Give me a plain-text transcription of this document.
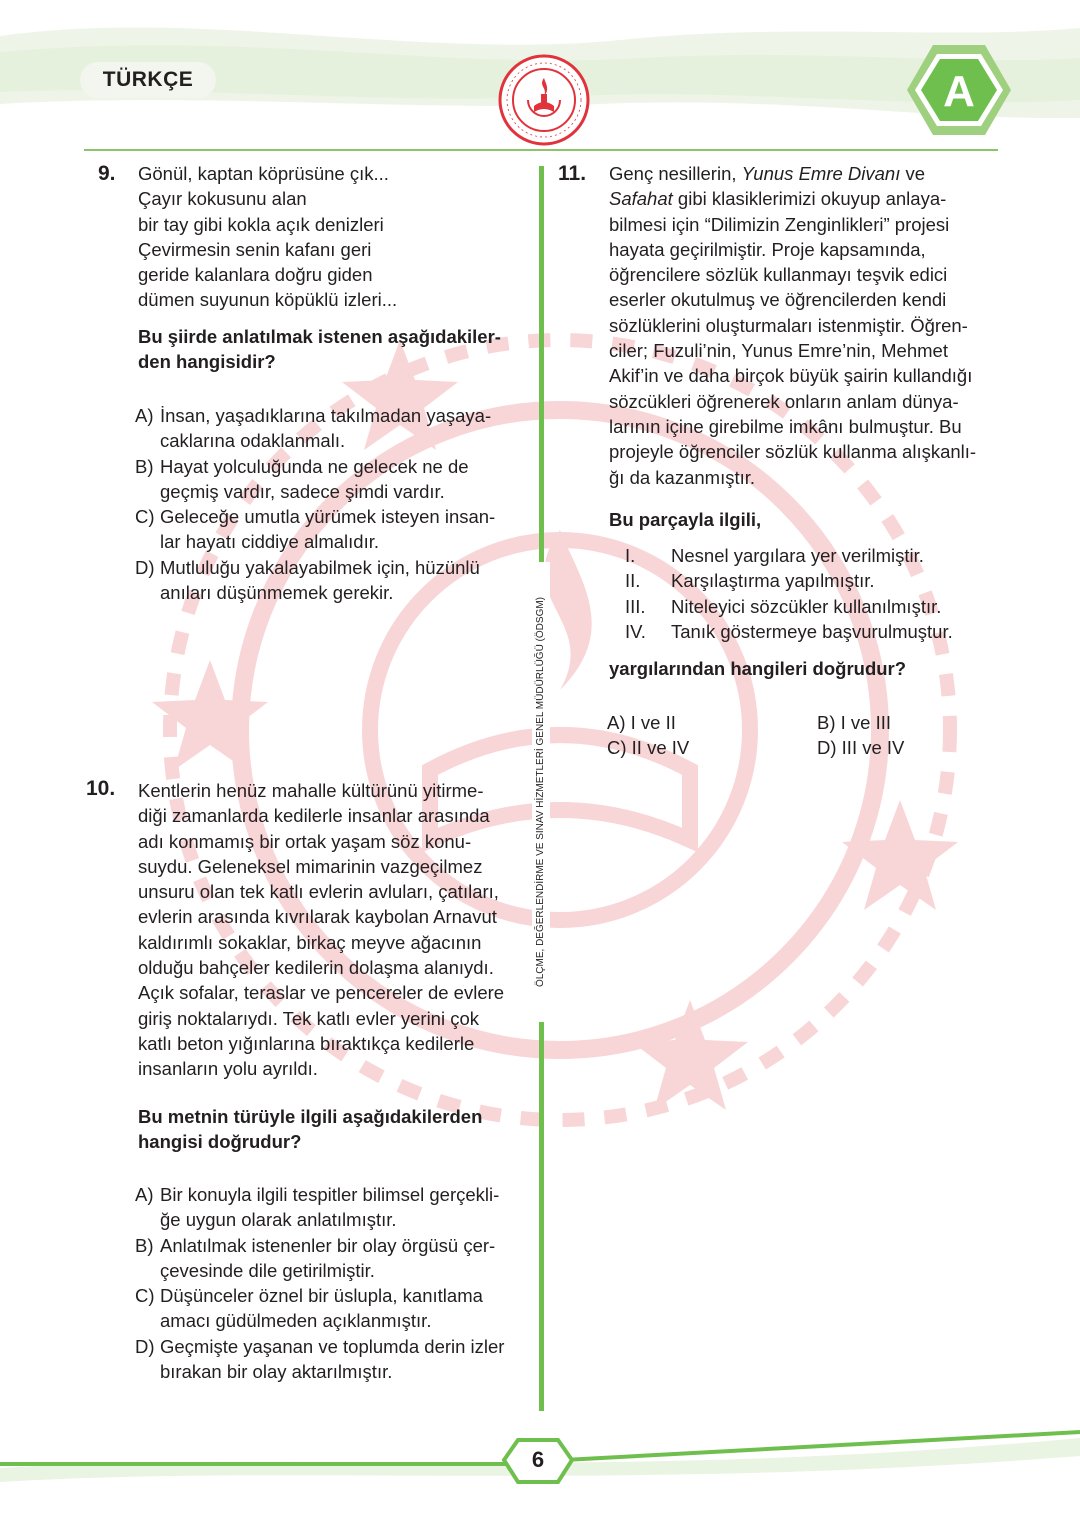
TÜRKÇE	A
ÖLÇME, DEĞERLENDİRME VE SINAV HİZMETLERİ GENEL MÜDÜRLÜĞÜ (ÖDSGM)
9. Gönül, kaptan köprüsüne çık...
Çayır kokusunu alan
bir tay gibi kokla açık denizleri
Çevirmesin senin kafanı geri
geride kalanlara doğru giden
dümen suyunun köpüklü izleri...
Bu şiirde anlatılmak istenen aşağıdakiler-
den hangisidir?
A) İnsan, yaşadıklarına takılmadan yaşaya-
caklarına odaklanmalı.
B) Hayat yolculuğunda ne gelecek ne de
geçmiş vardır, sadece şimdi vardır.
C) Geleceğe umutla yürümek isteyen insan-
lar hayatı ciddiye almalıdır.
D) Mutluluğu yakalayabilmek için, hüzünlü
anıları düşünmemek gerekir.
10. Kentlerin henüz mahalle kültürünü yitirme-
diği zamanlarda kedilerle insanlar arasında
adı konmamış bir ortak yaşam söz konu-
suydu. Geleneksel mimarinin vazgeçilmez
unsuru olan tek katlı evlerin avluları, çatıları,
evlerin arasında kıvrılarak kaybolan Arnavut
kaldırımlı sokaklar, birkaç meyve ağacının
olduğu bahçeler kedilerin dolaşma alanıydı.
Açık sofalar, teraslar ve pencereler de evlere
giriş noktalarıydı. Tek katlı evler yerini çok
katlı beton yığınlarına bıraktıkça kedilerle
insanların yolu ayrıldı.
Bu metnin türüyle ilgili aşağıdakilerden
hangisi doğrudur?
A) Bir konuyla ilgili tespitler bilimsel gerçekli-
ğe uygun olarak anlatılmıştır.
B) Anlatılmak istenenler bir olay örgüsü çer-
çevesinde dile getirilmiştir.
C) Düşünceler öznel bir üslupla, kanıtlama
amacı güdülmeden açıklanmıştır.
D) Geçmişte yaşanan ve toplumda derin izler
bırakan bir olay aktarılmıştır.
11. Genç nesillerin, Yunus Emre Divanı ve
Safahat gibi klasiklerimizi okuyup anlaya-
bilmesi için “Dilimizin Zenginlikleri” projesi
hayata geçirilmiştir. Proje kapsamında,
öğrencilere sözlük kullanmayı teşvik edici
eserler okutulmuş ve öğrencilerden kendi
sözlüklerini oluşturmaları istenmiştir. Öğren-
ciler; Fuzuli’nin, Yunus Emre’nin, Mehmet
Akif’in ve daha birçok büyük şairin kullandığı
sözcükleri öğrenerek onların anlam dünya-
larının içine girebilme imkânı bulmuştur. Bu
projeyle öğrenciler sözlük kullanma alışkanlı-
ğı da kazanmıştır.
Bu parçayla ilgili,
I.	Nesnel yargılara yer verilmiştir.
II.	Karşılaştırma yapılmıştır.
III.	Niteleyici sözcükler kullanılmıştır.
IV.	Tanık göstermeye başvurulmuştur.
yargılarından hangileri doğrudur?
A) I ve II	B) I ve III
C) II ve IV	D) III ve IV
6
